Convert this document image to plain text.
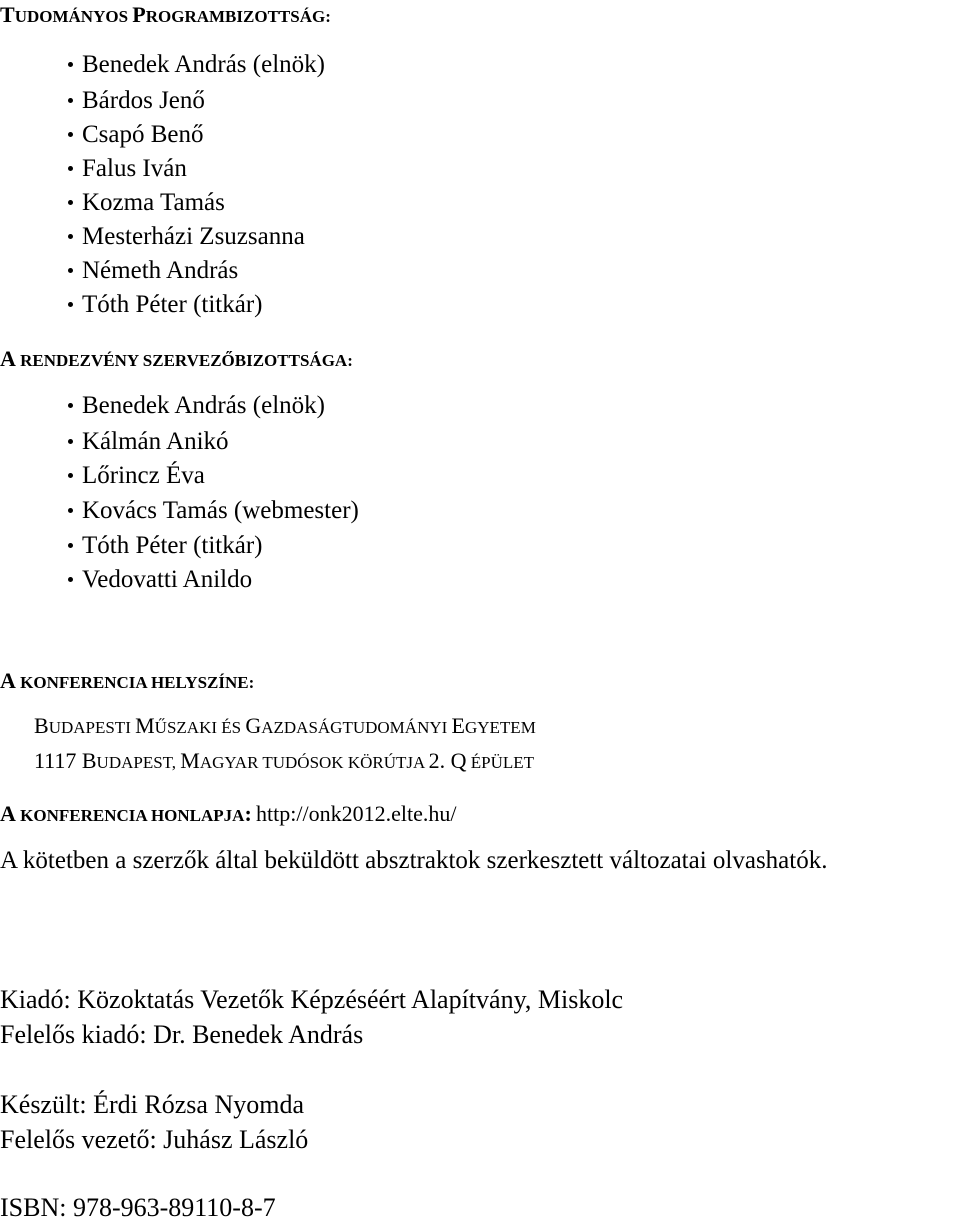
TUDOMÁNYOS PROGRAMBIZOTTSÁG:
Benedek András (elnök)
Bárdos Jenő
Csapó Benő
Falus Iván
Kozma Tamás
Mesterházi Zsuzsanna
Németh András
Tóth Péter (titkár)
A RENDEZVÉNY SZERVEZŐBIZOTTSÁGA:
Benedek András (elnök)
Kálmán Anikó
Lőrincz Éva
Kovács Tamás (webmester)
Tóth Péter (titkár)
Vedovatti Anildo
A KONFERENCIA HELYSZÍNE:
BUDAPESTI MŰSZAKI ÉS GAZDASÁGTUDOMÁNYI EGYETEM
1117 BUDAPEST, MAGYAR TUDÓSOK KÖRÚTJA 2. Q ÉPÜLET
A KONFERENCIA HONLAPJA: http://onk2012.elte.hu/
A kötetben a szerzők által beküldött absztraktok szerkesztett változatai olvashatók.
Kiadó: Közoktatás Vezetők Képzéséért Alapítvány, Miskolc
Felelős kiadó: Dr. Benedek András
Készült: Érdi Rózsa Nyomda
Felelős vezető: Juhász László
ISBN: 978-963-89110-8-7
